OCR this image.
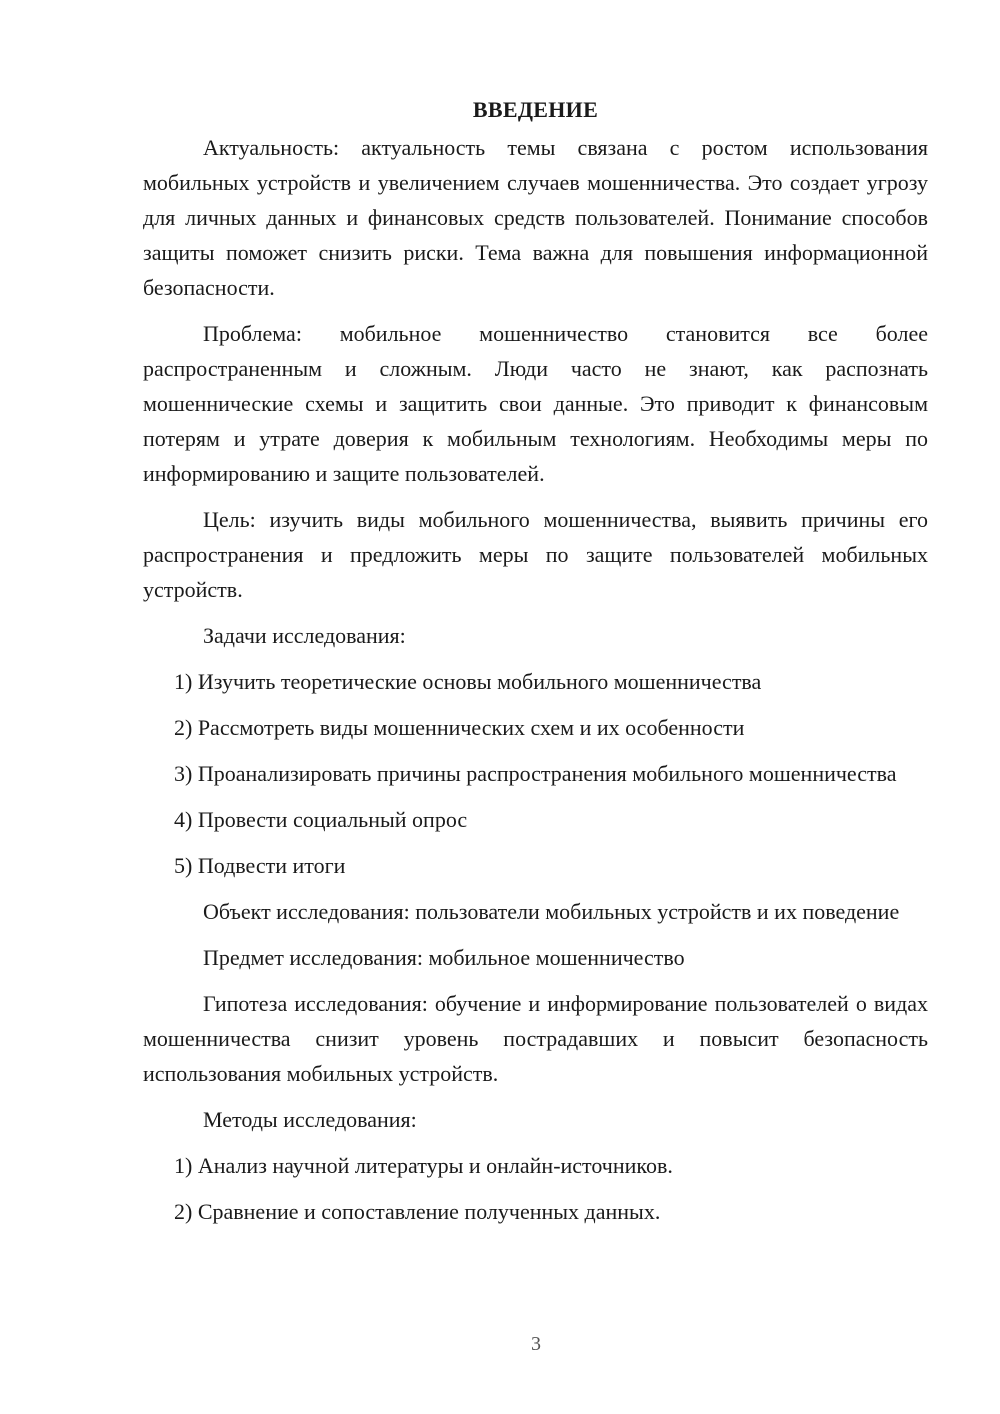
ВВЕДЕНИЕ

Актуальность: актуальность темы связана с ростом использования мобильных устройств и увеличением случаев мошенничества. Это создает угрозу для личных данных и финансовых средств пользователей. Понимание способов защиты поможет снизить риски. Тема важна для повышения информационной безопасности.

Проблема: мобильное мошенничество становится все более распространенным и сложным. Люди часто не знают, как распознать мошеннические схемы и защитить свои данные. Это приводит к финансовым потерям и утрате доверия к мобильным технологиям. Необходимы меры по информированию и защите пользователей.

Цель: изучить виды мобильного мошенничества, выявить причины его распространения и предложить меры по защите пользователей мобильных устройств.

Задачи исследования:

1) Изучить теоретические основы мобильного мошенничества

2) Рассмотреть виды мошеннических схем и их особенности

3) Проанализировать причины распространения мобильного мошенничества

4) Провести социальный опрос

5) Подвести итоги

Объект исследования: пользователи мобильных устройств и их поведение

Предмет исследования: мобильное мошенничество

Гипотеза исследования: обучение и информирование пользователей о видах мошенничества снизит уровень пострадавших и повысит безопасность использования мобильных устройств.

Методы исследования:

1) Анализ научной литературы и онлайн-источников.

2) Сравнение и сопоставление полученных данных.

3
